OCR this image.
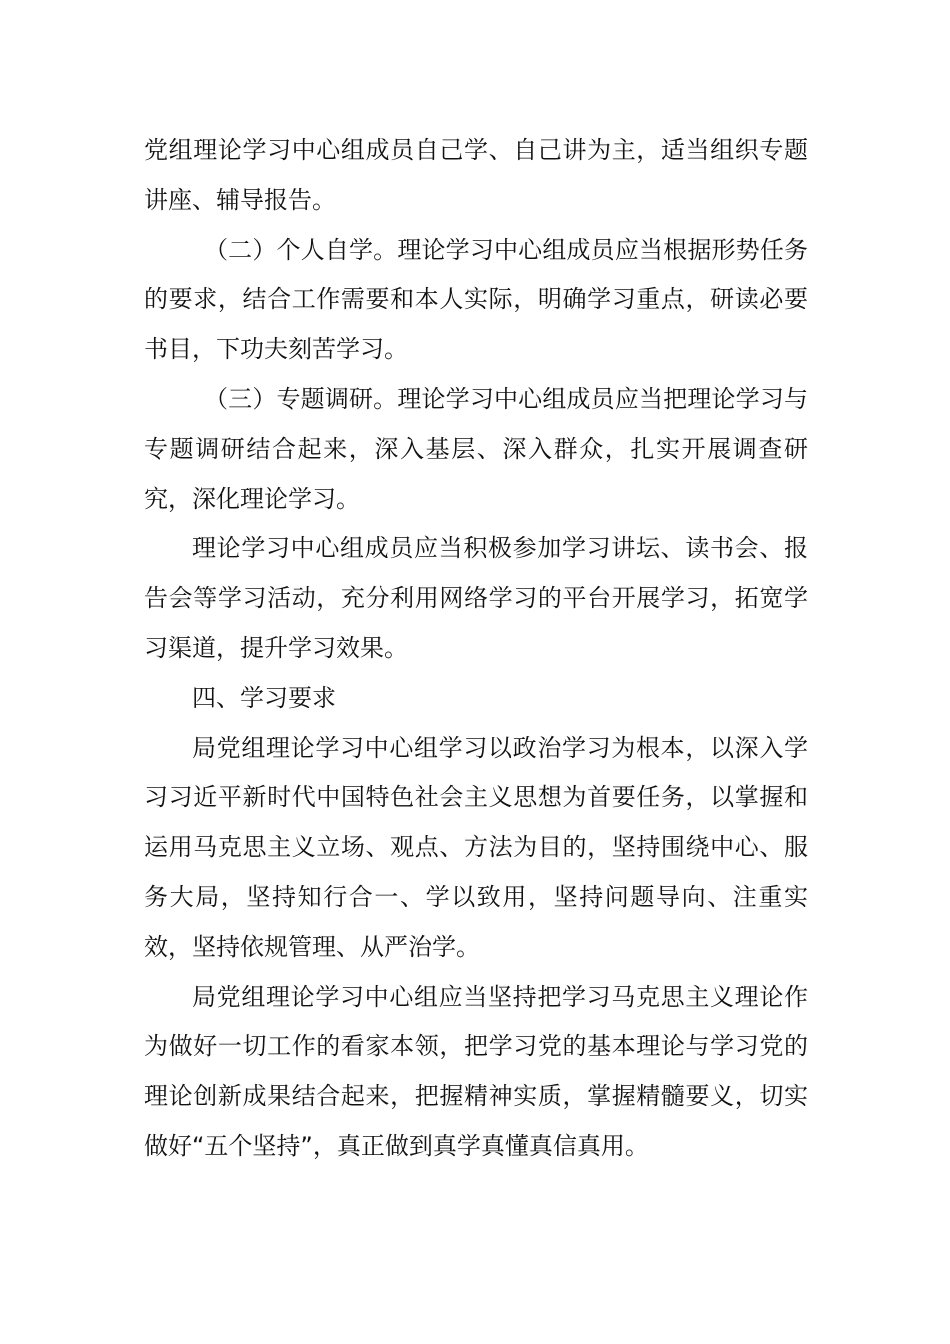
党组理论学习中心组成员自己学、自己讲为主，适当组织专题讲座、辅导报告。

（二）个人自学。理论学习中心组成员应当根据形势任务的要求，结合工作需要和本人实际，明确学习重点，研读必要书目，下功夫刻苦学习。

（三）专题调研。理论学习中心组成员应当把理论学习与专题调研结合起来，深入基层、深入群众，扎实开展调查研究，深化理论学习。

理论学习中心组成员应当积极参加学习讲坛、读书会、报告会等学习活动，充分利用网络学习的平台开展学习，拓宽学习渠道，提升学习效果。

四、学习要求

局党组理论学习中心组学习以政治学习为根本，以深入学习习近平新时代中国特色社会主义思想为首要任务，以掌握和运用马克思主义立场、观点、方法为目的，坚持围绕中心、服务大局，坚持知行合一、学以致用，坚持问题导向、注重实效，坚持依规管理、从严治学。

局党组理论学习中心组应当坚持把学习马克思主义理论作为做好一切工作的看家本领，把学习党的基本理论与学习党的理论创新成果结合起来，把握精神实质，掌握精髓要义，切实做好“五个坚持”，真正做到真学真懂真信真用。
